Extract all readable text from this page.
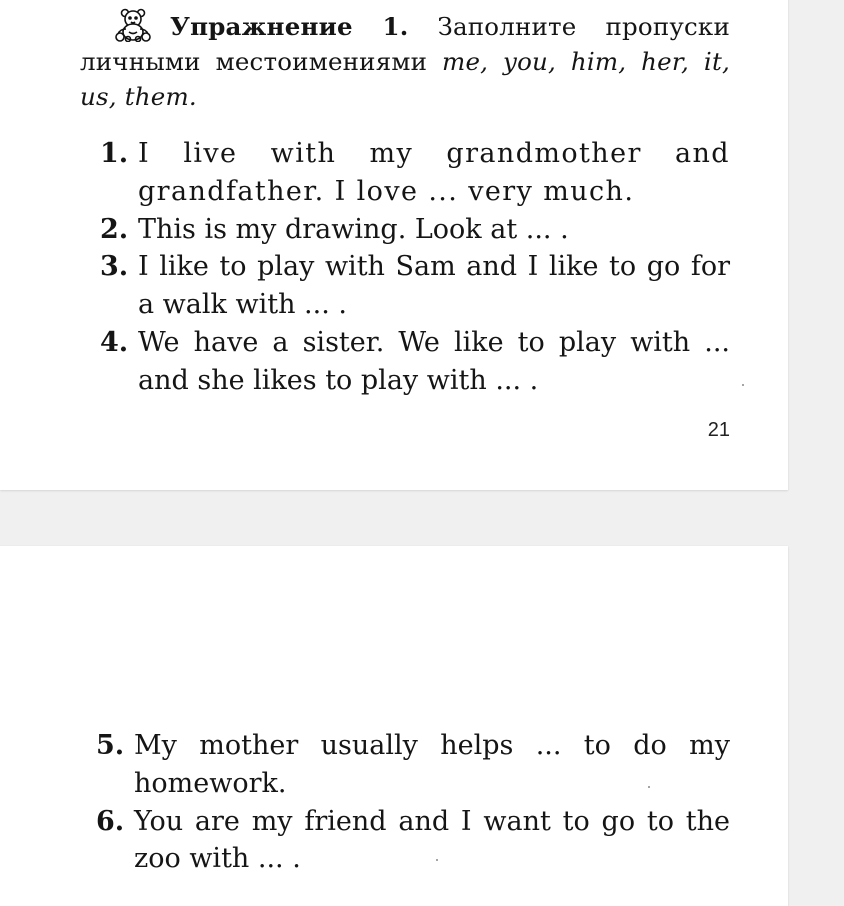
Упражнение 1. Заполните пропуски личными местоимениями me, you, him, her, it, us, them.
1. I live with my grandmother and grandfather. I love ... very much.
2. This is my drawing. Look at ... .
3. I like to play with Sam and I like to go for a walk with ... .
4. We have a sister. We like to play with ... and she likes to play with ... .
21
5. My mother usually helps ... to do my homework.
6. You are my friend and I want to go to the zoo with ... .
